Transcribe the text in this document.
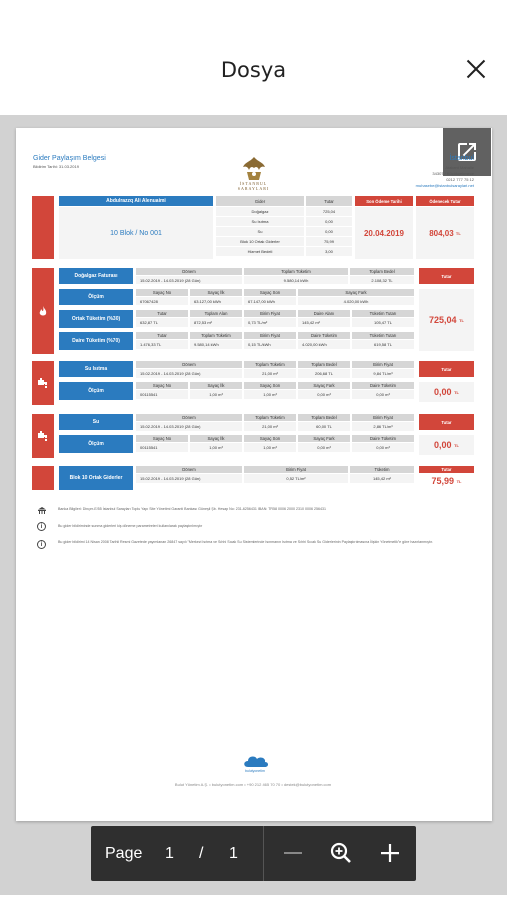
Dosya
Gider Paylaşım Belgesi
Bildirim Tarihi: 31.03.2019
İSTANBUL SARAYLARI
İstanbul
Atakent Mahalle
34307 / Küçükçekmece
0212 777 75 12
muhasebe@istanbulsaraylari.net
Abdulrazzq Ali Alenuaimi
10 Blok / No 001
Gider	Tutar
Doğalgaz	725,04
Su Isıtma	0,00
Su	0,00
Blok 10 Ortak Giderler	75,99
Hizmet Bedeli	3,00
Son Ödeme Tarihi
20.04.2019
Ödenecek Tutar
804,03
TL
Doğalgaz Faturası
Ölçüm
Ortak Tüketim (%30)
Daire Tüketim (%70)
Dönem	Toplam Tüketim	Toplam Bedel
15.02.2019 - 14.03.2019 (28 Gün)	9.580,14 kWh	2.108,32 TL
Sayaç No	Sayaç İlk	Sayaç Son	Sayaç Fark
67067428	63.127,00 kWh	67.147,00 kWh	4.020,00 kWh
Tutar	Toplam Alan	Birim Fiyat	Daire Alanı	Tüketim Tutarı
632,87 TL	872,53 m²	0,73 TL/m²	145,42 m²	105,47 TL
Tutar	Toplam Tüketim	Birim Fiyat	Daire Tüketim	Tüketim Tutarı
1.476,33 TL	9.580,14 kWh	0,15 TL/kWh	4.020,00 kWh	619,58 TL
Tutar
725,04
TL
Su Isıtma
Ölçüm
Dönem	Toplam Tüketim	Toplam Bedel	Birim Fiyat
15.02.2019 - 14.03.2019 (28 Gün)	21,00 m³	206,68 TL	9,84 TL/m³
Sayaç No	Sayaç İlk	Sayaç Son	Sayaç Fark	Daire Tüketim
00115541	1,00 m³	1,00 m³	0,00 m³	0,00 m³
Tutar
0,00
TL
Su
Ölçüm
Dönem	Toplam Tüketim	Toplam Bedel	Birim Fiyat
15.02.2019 - 14.03.2019 (28 Gün)	21,00 m³	60,00 TL	2,86 TL/m³
Sayaç No	Sayaç İlk	Sayaç Son	Sayaç Fark	Daire Tüketim
00115541	1,00 m³	1,00 m³	0,00 m³	0,00 m³
Tutar
0,00
TL
Blok 10 Ortak Giderler
Dönem	Birim Fiyat	Tüketim
15.02.2019 - 14.03.2019 (28 Gün)	0,52 TL/m²	145,42 m²
Tutar
75,99
TL
Banka Bilgileri: Dinçer-E/55 İstanbul Sarayları Toplu Yapı Site Yönetimi Garanti Bankası Güneşli Şb. Hesap No: 231-6256431 IBAN: TR58 0006 2000 2310 0006 256431
i	Bu gider bildiriminde sunma giderleri kiş döneme parametreleri kullanılarak paylaştırılmıştır
i	Bu gider bildirimi 14 Nisan 2008 Tarihli Resmi Gazetede yayımlanan 26847 sayılı "Merkezi Isıtma ve Sıhhi Sıcak Su Sistemlerinde Isınmanın Isıtma ve Sıhhi Sıcak Su Giderlerinin Paylaştırılmasına İlişkin Yönetmelik"e göre hazırlanmıştır.
bulutyonetim
Bulut Yönetim A.Ş. • bulutyonetim.com • +90 212 465 70 70 • destek@bulutyonetim.com
Page 1 / 1
